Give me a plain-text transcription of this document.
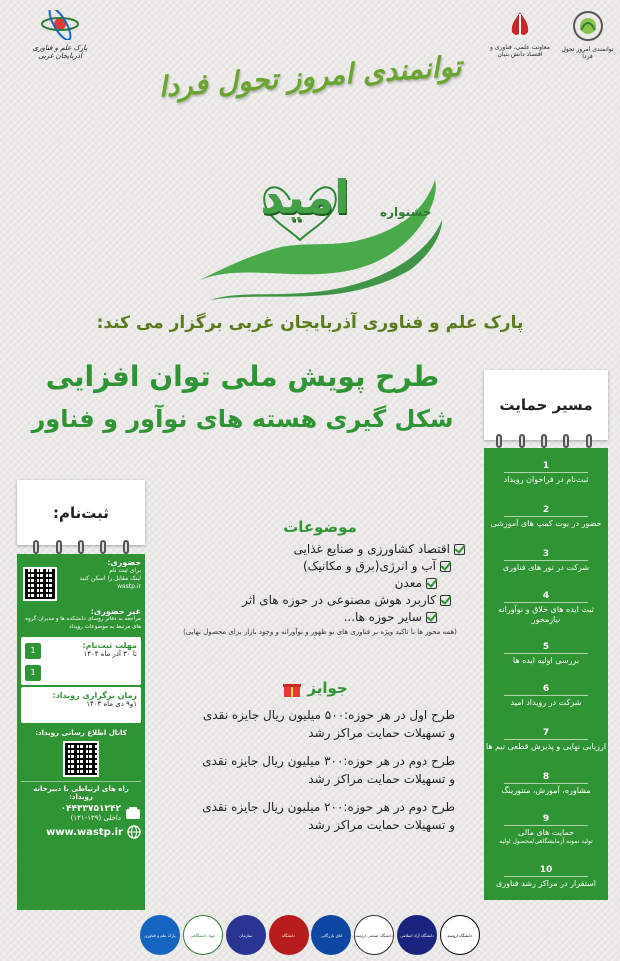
پارک علم و فناوری آذربایجان غربی
معاونت علمی، فناوری و اقتصاد دانش بنیان
توانمندی امروز تحول فردا
توانمندی امروز تحول فردا
جشنواره
امید
پارک علم و فناوری آذربایجان غربی برگزار می کند:
طرح پویش ملی توان افزایی
شکل گیری هسته های نوآور و فناور	مسیر حمایت
1
ثبت‌نام در فراخوان رویداد
2
حضور در بوت کمپ های آموزشی
3
شرکت در تور های فناوری
4
ثبت ایده های خلاق و نوآورانه نیازمحور
5
بررسی اولیه ایده ها
6
شرکت در رویداد امید
7
ارزیابی نهایی و پذیرش قطعی تیم ها
8
مشاوره، آموزش، منتورینگ
9
حمایت های مالی
تولید نمونه آزمایشگاهی/محصول اولیه
10
استقرار در مراکز رشد فناوری
موضوعات
اقتصاد کشاورزی و صنایع غذایی
آب و انرژی(برق و مکانیک)
معدن
کاربرد هوش مصنوعی در حوزه های اثر
سایر حوزه ها...
(همه محور ها با تاکید ویژه بر فناوری های نو ظهور و نوآورانه و وجود بازار برای محصول نهایی)
جوایز
طرح اول در هر حوزه:۵۰۰ میلیون ریال جایزه نقدی
و تسهیلات حمایت مراکز رشد
طرح دوم در هر حوزه:۳۰۰ میلیون ریال جایزه نقدی
و تسهیلات حمایت مراکز رشد
طرح دوم در هر حوزه:۲۰۰ میلیون ریال جایزه نقدی
و تسهیلات حمایت مراکز رشد
ثبت‌نام:
حضوری:
برای ثبت نام
لینک مقابل را اسکن کنید
wastp.ir
غیر حضوری:
مراجعه به دفاتر روسای دانشکده ها و مدیران گروه های مرتبط به موضوعات رویداد
1
1
مهلت ثبت‌نام:
تا ۳۰ آذر ماه ۱۴۰۴
زمان برگزاری رویداد:
۱و۹ دی ماه ۱۴۰۴
کانال اطلاع رسانی رویداد:
راه های ارتباطی با دبیرخانه رویداد:
۰۴۴۳۳۷۵۱۲۴۲
داخلی (۱۲۹-۱۲۱)
www.wastp.ir
پارک علم و فناوری	جهاد دانشگاهی	سازمان	دانشگاه	اتاق بازرگانی	دانشگاه صنعتی ارومیه دانشگاه آزاد اسلامی	دانشگاه ارومیه
